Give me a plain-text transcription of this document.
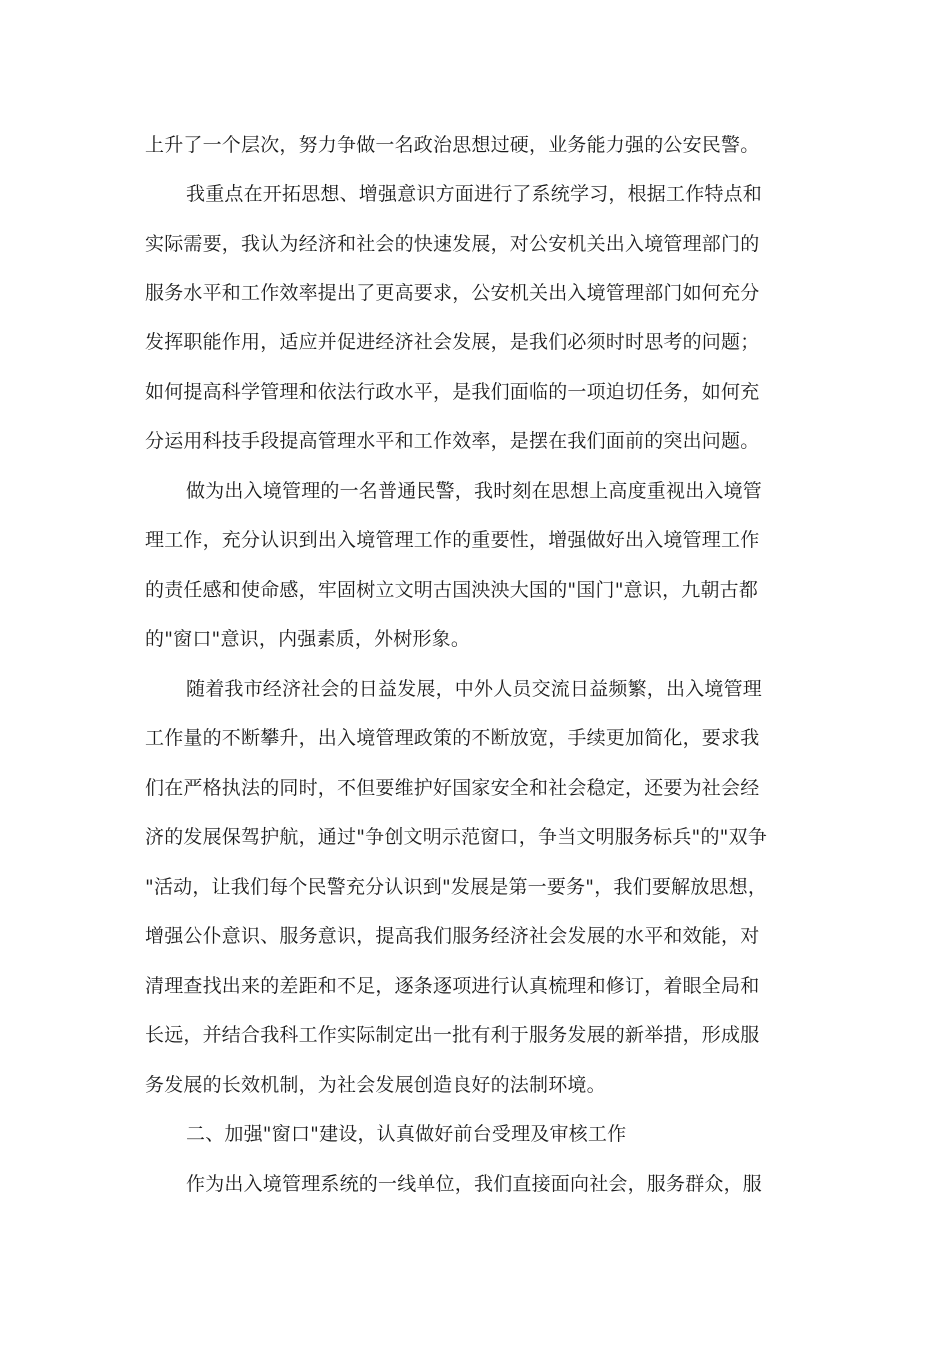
上升了一个层次，努力争做一名政治思想过硬，业务能力强的公安民警。
我重点在开拓思想、增强意识方面进行了系统学习，根据工作特点和
实际需要，我认为经济和社会的快速发展，对公安机关出入境管理部门的
服务水平和工作效率提出了更高要求，公安机关出入境管理部门如何充分
发挥职能作用，适应并促进经济社会发展，是我们必须时时思考的问题；
如何提高科学管理和依法行政水平，是我们面临的一项迫切任务，如何充
分运用科技手段提高管理水平和工作效率，是摆在我们面前的突出问题。
做为出入境管理的一名普通民警，我时刻在思想上高度重视出入境管
理工作，充分认识到出入境管理工作的重要性，增强做好出入境管理工作
的责任感和使命感，牢固树立文明古国泱泱大国的"国门"意识，九朝古都
的"窗口"意识，内强素质，外树形象。
随着我市经济社会的日益发展，中外人员交流日益频繁，出入境管理
工作量的不断攀升，出入境管理政策的不断放宽，手续更加简化，要求我
们在严格执法的同时，不但要维护好国家安全和社会稳定，还要为社会经
济的发展保驾护航，通过"争创文明示范窗口，争当文明服务标兵"的"双争
"活动，让我们每个民警充分认识到"发展是第一要务"，我们要解放思想，
增强公仆意识、服务意识，提高我们服务经济社会发展的水平和效能，对
清理查找出来的差距和不足，逐条逐项进行认真梳理和修订，着眼全局和
长远，并结合我科工作实际制定出一批有利于服务发展的新举措，形成服
务发展的长效机制，为社会发展创造良好的法制环境。
二、加强"窗口"建设，认真做好前台受理及审核工作
作为出入境管理系统的一线单位，我们直接面向社会，服务群众，服
